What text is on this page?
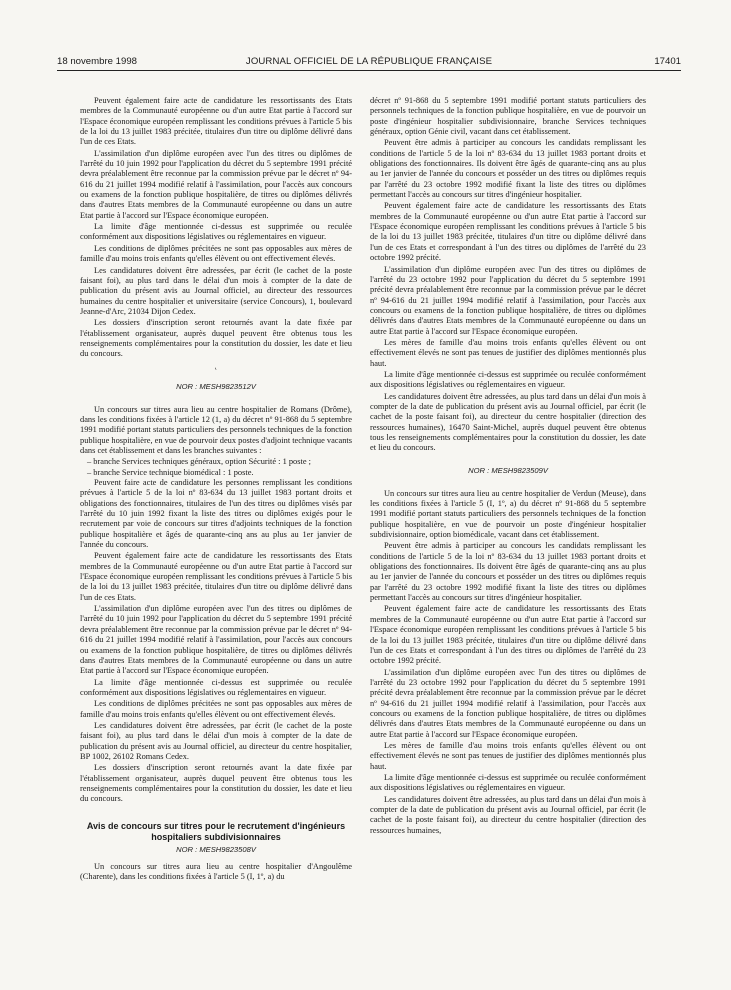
18 novembre 1998	JOURNAL OFFICIEL DE LA RÉPUBLIQUE FRANÇAISE	17401

Peuvent également faire acte de candidature les ressortissants des Etats membres de la Communauté européenne ou d'un autre Etat partie à l'accord sur l'Espace économique européen remplissant les conditions prévues à l'article 5 bis de la loi du 13 juillet 1983 précitée, titulaires d'un titre ou diplôme délivré dans l'un de ces Etats.

L'assimilation d'un diplôme européen avec l'un des titres ou diplômes de l'arrêté du 10 juin 1992 pour l'application du décret du 5 septembre 1991 précité devra préalablement être reconnue par la commission prévue par le décret nº 94-616 du 21 juillet 1994 modifié relatif à l'assimilation, pour l'accès aux concours ou examens de la fonction publique hospitalière, de titres ou diplômes délivrés dans d'autres Etats membres de la Communauté européenne ou dans un autre Etat partie à l'accord sur l'Espace économique européen.

La limite d'âge mentionnée ci-dessus est supprimée ou reculée conformément aux dispositions législatives ou réglementaires en vigueur.

Les conditions de diplômes précitées ne sont pas opposables aux mères de famille d'au moins trois enfants qu'elles élèvent ou ont effectivement élevés.

Les candidatures doivent être adressées, par écrit (le cachet de la poste faisant foi), au plus tard dans le délai d'un mois à compter de la date de publication du présent avis au Journal officiel, au directeur des ressources humaines du centre hospitalier et universitaire (service Concours), 1, boulevard Jeanne-d'Arc, 21034 Dijon Cedex.

Les dossiers d'inscription seront retournés avant la date fixée par l'établissement organisateur, auprès duquel peuvent être obtenus tous les renseignements complémentaires pour la constitution du dossier, les date et lieu du concours.

˛
NOR : MESH9823512V

Un concours sur titres aura lieu au centre hospitalier de Romans (Drôme), dans les conditions fixées à l'article 12 (1, a) du décret nº 91-868 du 5 septembre 1991 modifié portant statuts particuliers des personnels techniques de la fonction publique hospitalière, en vue de pourvoir deux postes d'adjoint technique vacants dans cet établissement et dans les branches suivantes :

– branche Services techniques généraux, option Sécurité : 1 poste ;

– branche Service technique biomédical : 1 poste.

Peuvent faire acte de candidature les personnes remplissant les conditions prévues à l'article 5 de la loi nº 83-634 du 13 juillet 1983 portant droits et obligations des fonctionnaires, titulaires de l'un des titres ou diplômes visés par l'arrêté du 10 juin 1992 fixant la liste des titres ou diplômes exigés pour le recrutement par voie de concours sur titres d'adjoints techniques de la fonction publique hospitalière et âgés de quarante-cinq ans au plus au 1er janvier de l'année du concours.

Peuvent également faire acte de candidature les ressortissants des Etats membres de la Communauté européenne ou d'un autre Etat partie à l'accord sur l'Espace économique européen remplissant les conditions prévues à l'article 5 bis de la loi du 13 juillet 1983 précitée, titulaires d'un titre ou diplôme délivré dans l'un de ces Etats.

L'assimilation d'un diplôme européen avec l'un des titres ou diplômes de l'arrêté du 10 juin 1992 pour l'application du décret du 5 septembre 1991 précité devra préalablement être reconnue par la commission prévue par le décret nº 94-616 du 21 juillet 1994 modifié relatif à l'assimilation, pour l'accès aux concours ou examens de la fonction publique hospitalière, de titres ou diplômes délivrés dans d'autres Etats membres de la Communauté européenne ou dans un autre Etat partie à l'accord sur l'Espace économique européen.

La limite d'âge mentionnée ci-dessus est supprimée ou reculée conformément aux dispositions législatives ou réglementaires en vigueur.

Les conditions de diplômes précitées ne sont pas opposables aux mères de famille d'au moins trois enfants qu'elles élèvent ou ont effectivement élevés.

Les candidatures doivent être adressées, par écrit (le cachet de la poste faisant foi), au plus tard dans le délai d'un mois à compter de la date de publication du présent avis au Journal officiel, au directeur du centre hospitalier, BP 1002, 26102 Romans Cedex.

Les dossiers d'inscription seront retournés avant la date fixée par l'établissement organisateur, auprès duquel peuvent être obtenus tous les renseignements complémentaires pour la constitution du dossier, les date et lieu du concours.

Avis de concours sur titres pour le recrutement d'ingénieurs hospitaliers subdivisionnaires
NOR : MESH9823508V

Un concours sur titres aura lieu au centre hospitalier d'Angoulême (Charente), dans les conditions fixées à l'article 5 (I, 1º, a) du

décret nº 91-868 du 5 septembre 1991 modifié portant statuts particuliers des personnels techniques de la fonction publique hospitalière, en vue de pourvoir un poste d'ingénieur hospitalier subdivisionnaire, branche Services techniques généraux, option Génie civil, vacant dans cet établissement.

Peuvent être admis à participer au concours les candidats remplissant les conditions de l'article 5 de la loi nº 83-634 du 13 juillet 1983 portant droits et obligations des fonctionnaires. Ils doivent être âgés de quarante-cinq ans au plus au 1er janvier de l'année du concours et posséder un des titres ou diplômes requis par l'arrêté du 23 octobre 1992 modifié fixant la liste des titres ou diplômes permettant l'accès au concours sur titres d'ingénieur hospitalier.

Peuvent également faire acte de candidature les ressortissants des Etats membres de la Communauté européenne ou d'un autre Etat partie à l'accord sur l'Espace économique européen remplissant les conditions prévues à l'article 5 bis de la loi du 13 juillet 1983 précitée, titulaires d'un titre ou diplôme délivré dans l'un de ces Etats et correspondant à l'un des titres ou diplômes de l'arrêté du 23 octobre 1992 précité.

L'assimilation d'un diplôme européen avec l'un des titres ou diplômes de l'arrêté du 23 octobre 1992 pour l'application du décret du 5 septembre 1991 précité devra préalablement être reconnue par la commission prévue par le décret nº 94-616 du 21 juillet 1994 modifié relatif à l'assimilation, pour l'accès aux concours ou examens de la fonction publique hospitalière, de titres ou diplômes délivrés dans d'autres Etats membres de la Communauté européenne ou dans un autre Etat partie à l'accord sur l'Espace économique européen.

Les mères de famille d'au moins trois enfants qu'elles élèvent ou ont effectivement élevés ne sont pas tenues de justifier des diplômes mentionnés plus haut.

La limite d'âge mentionnée ci-dessus est supprimée ou reculée conformément aux dispositions législatives ou réglementaires en vigueur.

Les candidatures doivent être adressées, au plus tard dans un délai d'un mois à compter de la date de publication du présent avis au Journal officiel, par écrit (le cachet de la poste faisant foi), au directeur du centre hospitalier (direction des ressources humaines), 16470 Saint-Michel, auprès duquel peuvent être obtenus tous les renseignements complémentaires pour la constitution du dossier, les date et lieu du concours.

NOR : MESH9823509V

Un concours sur titres aura lieu au centre hospitalier de Verdun (Meuse), dans les conditions fixées à l'article 5 (I, 1º, a) du décret nº 91-868 du 5 septembre 1991 modifié portant statuts particuliers des personnels techniques de la fonction publique hospitalière, en vue de pourvoir un poste d'ingénieur hospitalier subdivisionnaire, option biomédicale, vacant dans cet établissement.

Peuvent être admis à participer au concours les candidats remplissant les conditions de l'article 5 de la loi nº 83-634 du 13 juillet 1983 portant droits et obligations des fonctionnaires. Ils doivent être âgés de quarante-cinq ans au plus au 1er janvier de l'année du concours et posséder un des titres ou diplômes requis par l'arrêté du 23 octobre 1992 modifié fixant la liste des titres ou diplômes permettant l'accès au concours sur titres d'ingénieur hospitalier.

Peuvent également faire acte de candidature les ressortissants des Etats membres de la Communauté européenne ou d'un autre Etat partie à l'accord sur l'Espace économique européen remplissant les conditions prévues à l'article 5 bis de la loi du 13 juillet 1983 précitée, titulaires d'un titre ou diplôme délivré dans l'un de ces Etats et correspondant à l'un des titres ou diplômes de l'arrêté du 23 octobre 1992 précité.

L'assimilation d'un diplôme européen avec l'un des titres ou diplômes de l'arrêté du 23 octobre 1992 pour l'application du décret du 5 septembre 1991 précité devra préalablement être reconnue par la commission prévue par le décret nº 94-616 du 21 juillet 1994 modifié relatif à l'assimilation, pour l'accès aux concours ou examens de la fonction publique hospitalière, de titres ou diplômes délivrés dans d'autres Etats membres de la Communauté européenne ou dans un autre Etat partie à l'accord sur l'Espace économique européen.

Les mères de famille d'au moins trois enfants qu'elles élèvent ou ont effectivement élevés ne sont pas tenues de justifier des diplômes mentionnés plus haut.

La limite d'âge mentionnée ci-dessus est supprimée ou reculée conformément aux dispositions législatives ou réglementaires en vigueur.

Les candidatures doivent être adressées, au plus tard dans un délai d'un mois à compter de la date de publication du présent avis au Journal officiel, par écrit (le cachet de la poste faisant foi), au directeur du centre hospitalier (direction des ressources humaines,
